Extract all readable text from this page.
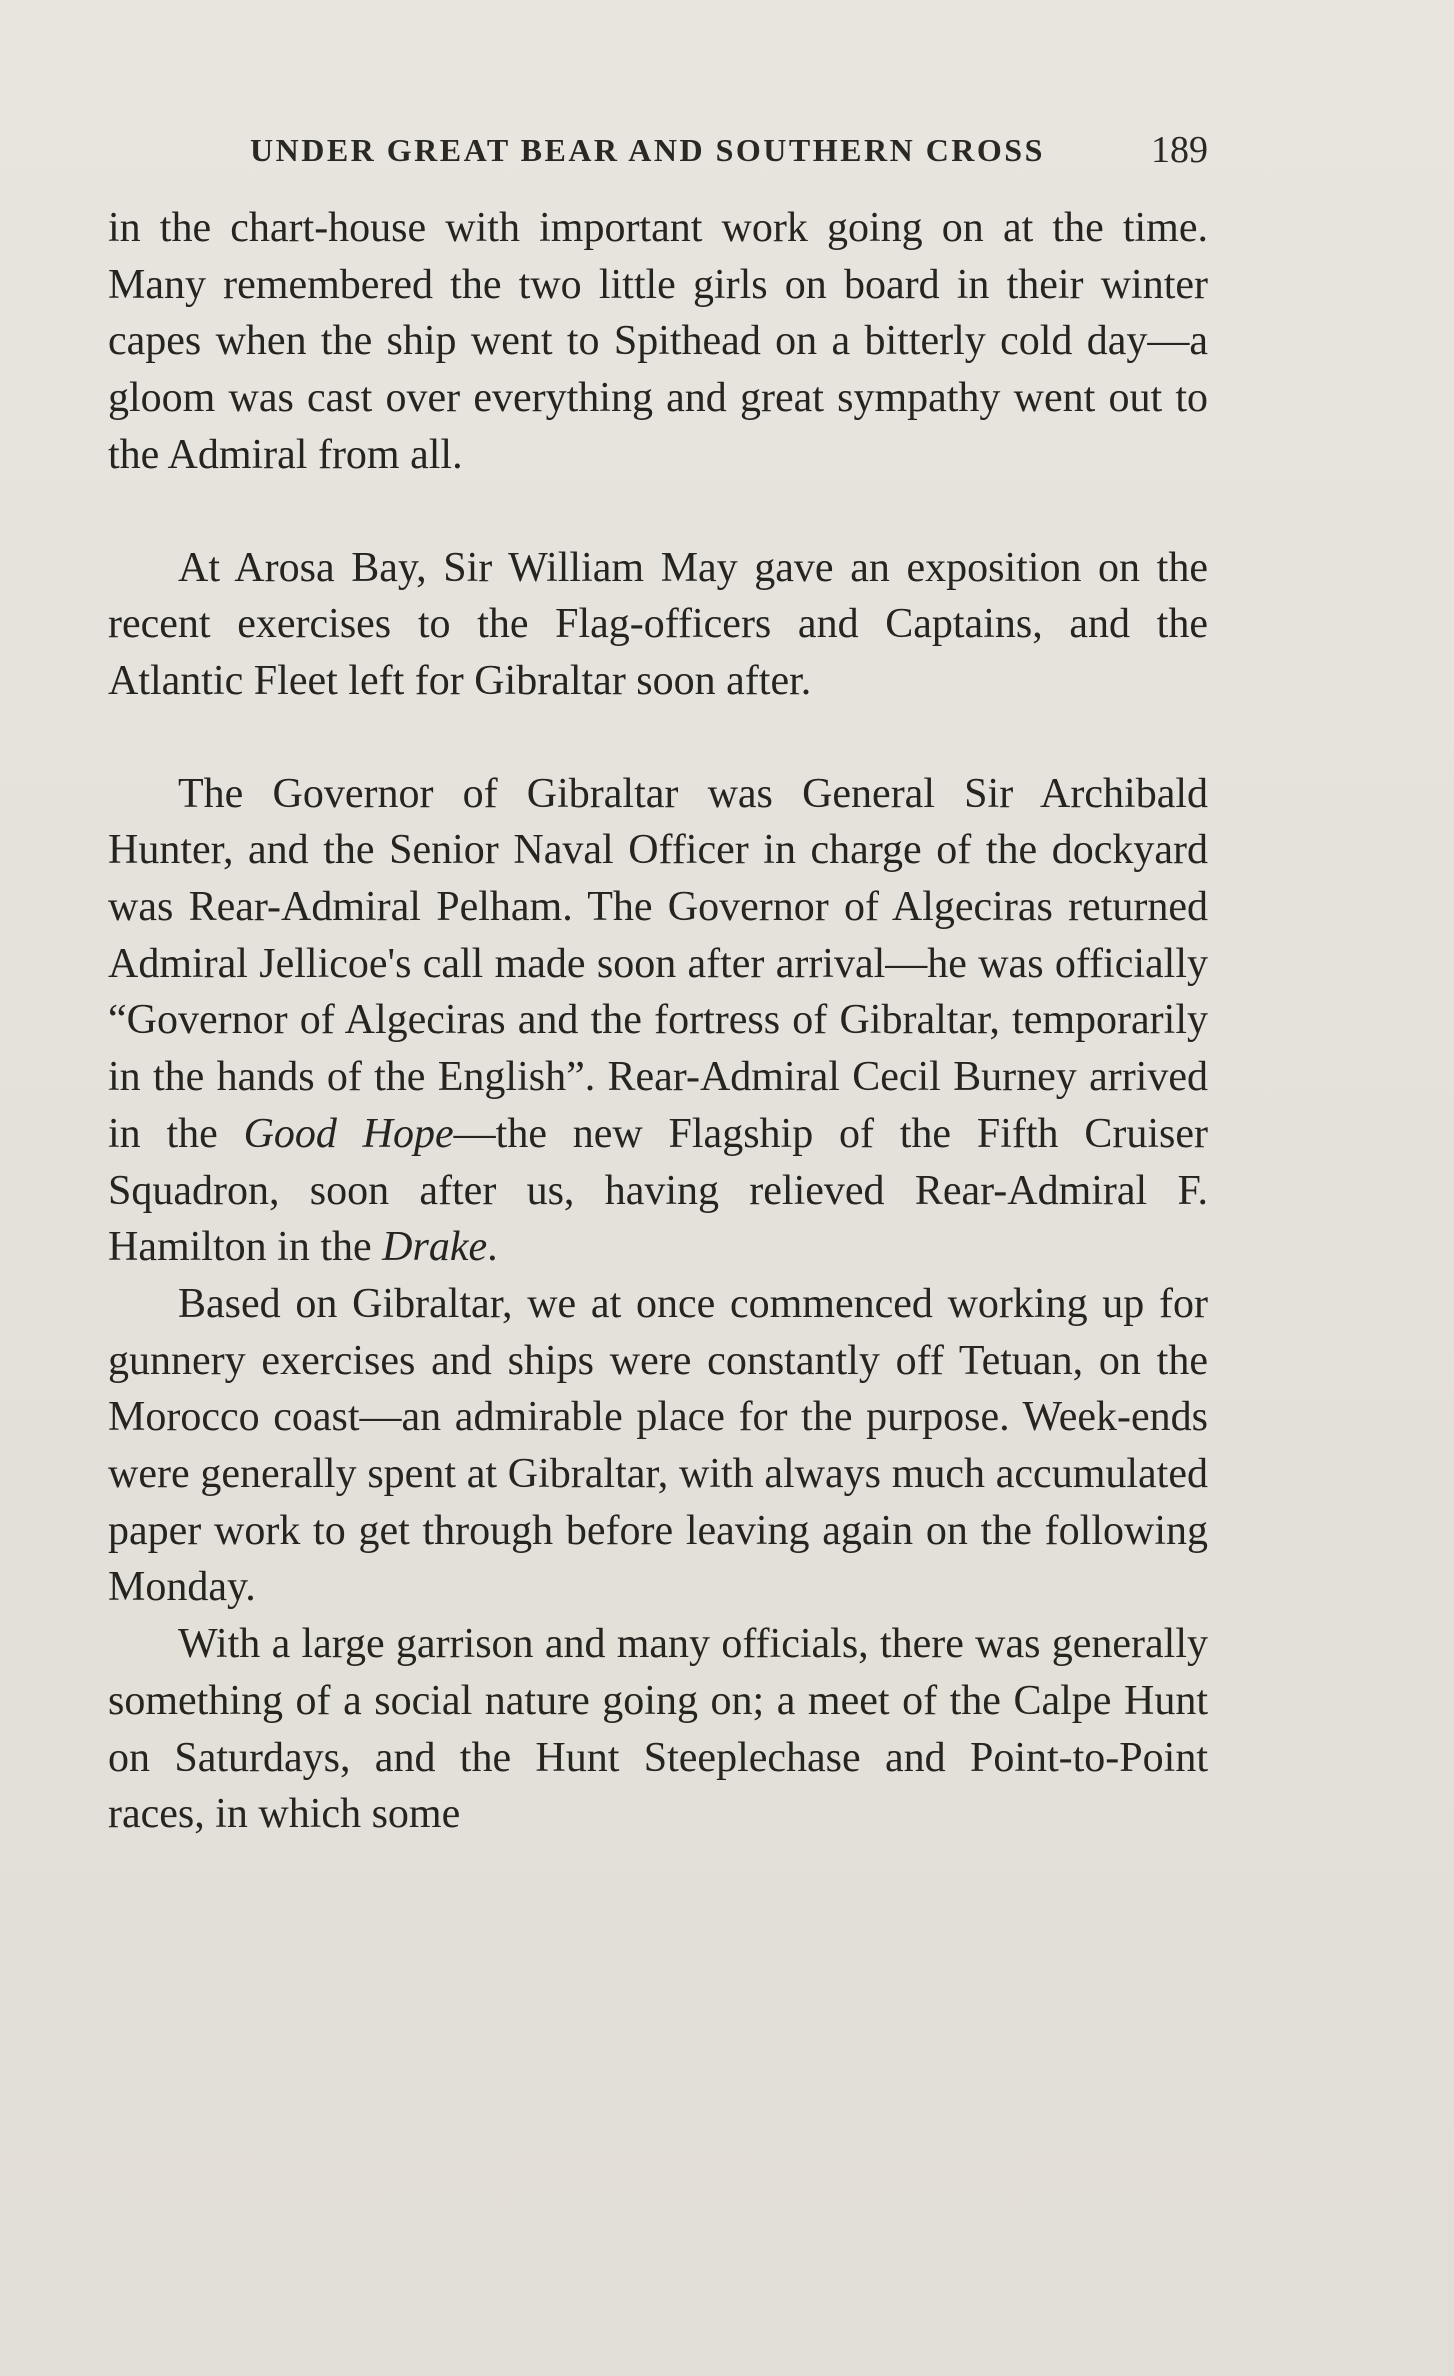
UNDER GREAT BEAR AND SOUTHERN CROSS	189

in the chart-house with important work going on at the time. Many remembered the two little girls on board in their winter capes when the ship went to Spithead on a bitterly cold day—a gloom was cast over everything and great sympathy went out to the Admiral from all.

At Arosa Bay, Sir William May gave an exposition on the recent exercises to the Flag-officers and Captains, and the Atlantic Fleet left for Gibraltar soon after.

The Governor of Gibraltar was General Sir Archibald Hunter, and the Senior Naval Officer in charge of the dockyard was Rear-Admiral Pelham. The Governor of Algeciras returned Admiral Jellicoe's call made soon after arrival—he was officially “Governor of Algeciras and the fortress of Gibraltar, temporarily in the hands of the English”. Rear-Admiral Cecil Burney arrived in the Good Hope—the new Flagship of the Fifth Cruiser Squadron, soon after us, having relieved Rear-Admiral F. Hamilton in the Drake.

Based on Gibraltar, we at once commenced working up for gunnery exercises and ships were constantly off Tetuan, on the Morocco coast—an admirable place for the purpose. Week-ends were generally spent at Gibraltar, with always much accumulated paper work to get through before leaving again on the following Monday.

With a large garrison and many officials, there was generally something of a social nature going on; a meet of the Calpe Hunt on Saturdays, and the Hunt Steeplechase and Point-to-Point races, in which some
